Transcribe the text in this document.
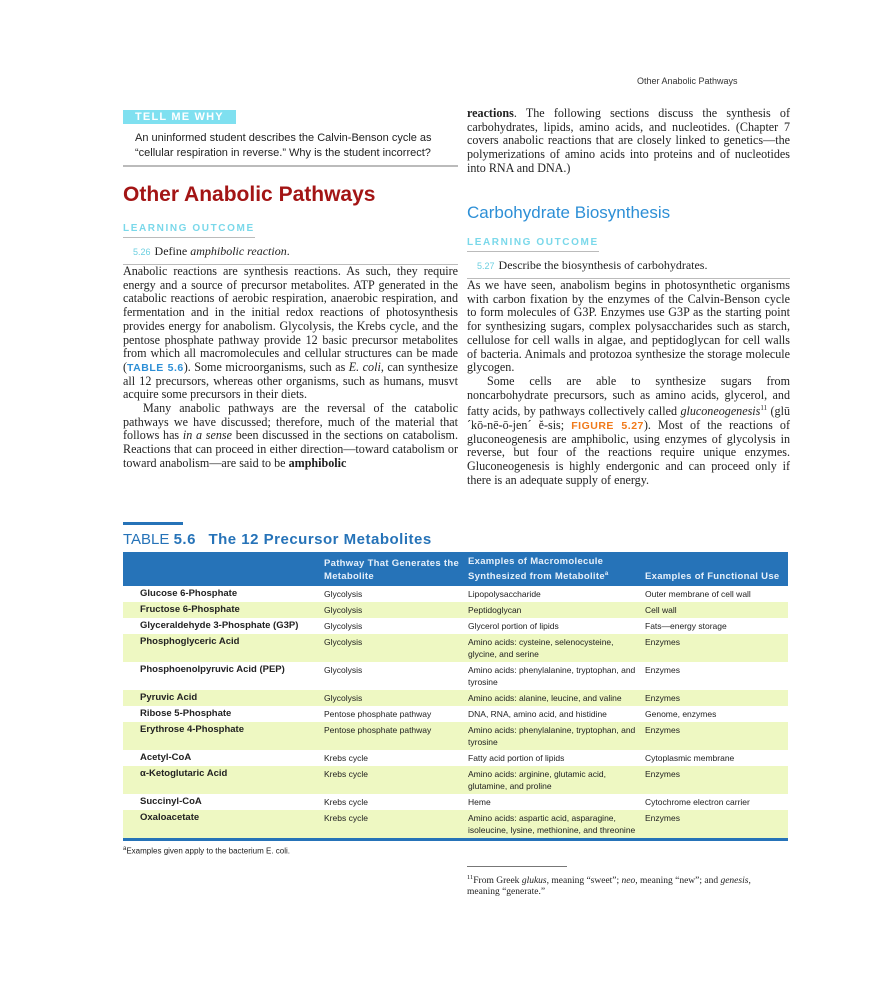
Other Anabolic Pathways
TELL ME WHY
An uninformed student describes the Calvin-Benson cycle as “cellular respiration in reverse.” Why is the student incorrect?
Other Anabolic Pathways
LEARNING OUTCOME
5.26 Define amphibolic reaction.

Anabolic reactions are synthesis reactions. As such, they require energy and a source of precursor metabolites. ATP generated in the catabolic reactions of aerobic respiration, anaerobic respiration, and fermentation and in the initial redox reactions of photosynthesis provides energy for anabolism. Glycolysis, the Krebs cycle, and the pentose phosphate pathway provide 12 basic precursor metabolites from which all macromolecules and cellular structures can be made (TABLE 5.6). Some microorganisms, such as E. coli, can synthesize all 12 precursors, whereas other organisms, such as humans, musvt acquire some precursors in their diets.

Many anabolic pathways are the reversal of the catabolic pathways we have discussed; therefore, much of the material that follows has in a sense been discussed in the sections on catabolism. Reactions that can proceed in either direction—toward catabolism or toward anabolism—are said to be amphibolic

reactions. The following sections discuss the synthesis of carbohydrates, lipids, amino acids, and nucleotides. (Chapter 7 covers anabolic reactions that are closely linked to genetics—the polymerizations of amino acids into proteins and of nucleotides into RNA and DNA.)

Carbohydrate Biosynthesis
LEARNING OUTCOME
5.27 Describe the biosynthesis of carbohydrates.

As we have seen, anabolism begins in photosynthetic organisms with carbon fixation by the enzymes of the Calvin-Benson cycle to form molecules of G3P. Enzymes use G3P as the starting point for synthesizing sugars, complex polysaccharides such as starch, cellulose for cell walls in algae, and peptidoglycan for cell walls of bacteria. Animals and protozoa synthesize the storage molecule glycogen.

Some cells are able to synthesize sugars from noncarbohydrate precursors, such as amino acids, glycerol, and fatty acids, by pathways collectively called gluconeogenesis$^{11}$ (glū´kō-nē-ō-jen´ ĕ-sis; FIGURE 5.27). Most of the reactions of gluconeogenesis are amphibolic, using enzymes of glycolysis in reverse, but four of the reactions require unique enzymes. Gluconeogenesis is highly endergonic and can proceed only if there is an adequate supply of energy.

TABLE 5.6 The 12 Precursor Metabolites
	Pathway That Generates the Metabolite	Examples of Macromolecule Synthesized from Metabolite$^a$	Examples of Functional Use
Glucose 6-Phosphate	Glycolysis	Lipopolysaccharide	Outer membrane of cell wall
Fructose 6-Phosphate	Glycolysis	Peptidoglycan	Cell wall
Glyceraldehyde 3-Phosphate (G3P)	Glycolysis	Glycerol portion of lipids	Fats—energy storage
Phosphoglyceric Acid	Glycolysis	Amino acids: cysteine, selenocysteine, glycine, and serine	Enzymes
Phosphoenolpyruvic Acid (PEP)	Glycolysis	Amino acids: phenylalanine, tryptophan, and tyrosine	Enzymes
Pyruvic Acid	Glycolysis	Amino acids: alanine, leucine, and valine	Enzymes
Ribose 5-Phosphate	Pentose phosphate pathway	DNA, RNA, amino acid, and histidine	Genome, enzymes
Erythrose 4-Phosphate	Pentose phosphate pathway	Amino acids: phenylalanine, tryptophan, and tyrosine	Enzymes
Acetyl-CoA	Krebs cycle	Fatty acid portion of lipids	Cytoplasmic membrane
α-Ketoglutaric Acid	Krebs cycle	Amino acids: arginine, glutamic acid, glutamine, and proline	Enzymes
Succinyl-CoA	Krebs cycle	Heme	Cytochrome electron carrier
Oxaloacetate	Krebs cycle	Amino acids: aspartic acid, asparagine, isoleucine, lysine, methionine, and threonine	Enzymes
$^a$Examples given apply to the bacterium E. coli.

$^{11}$From Greek glukus, meaning “sweet”; neo, meaning “new”; and genesis, meaning “generate.”
